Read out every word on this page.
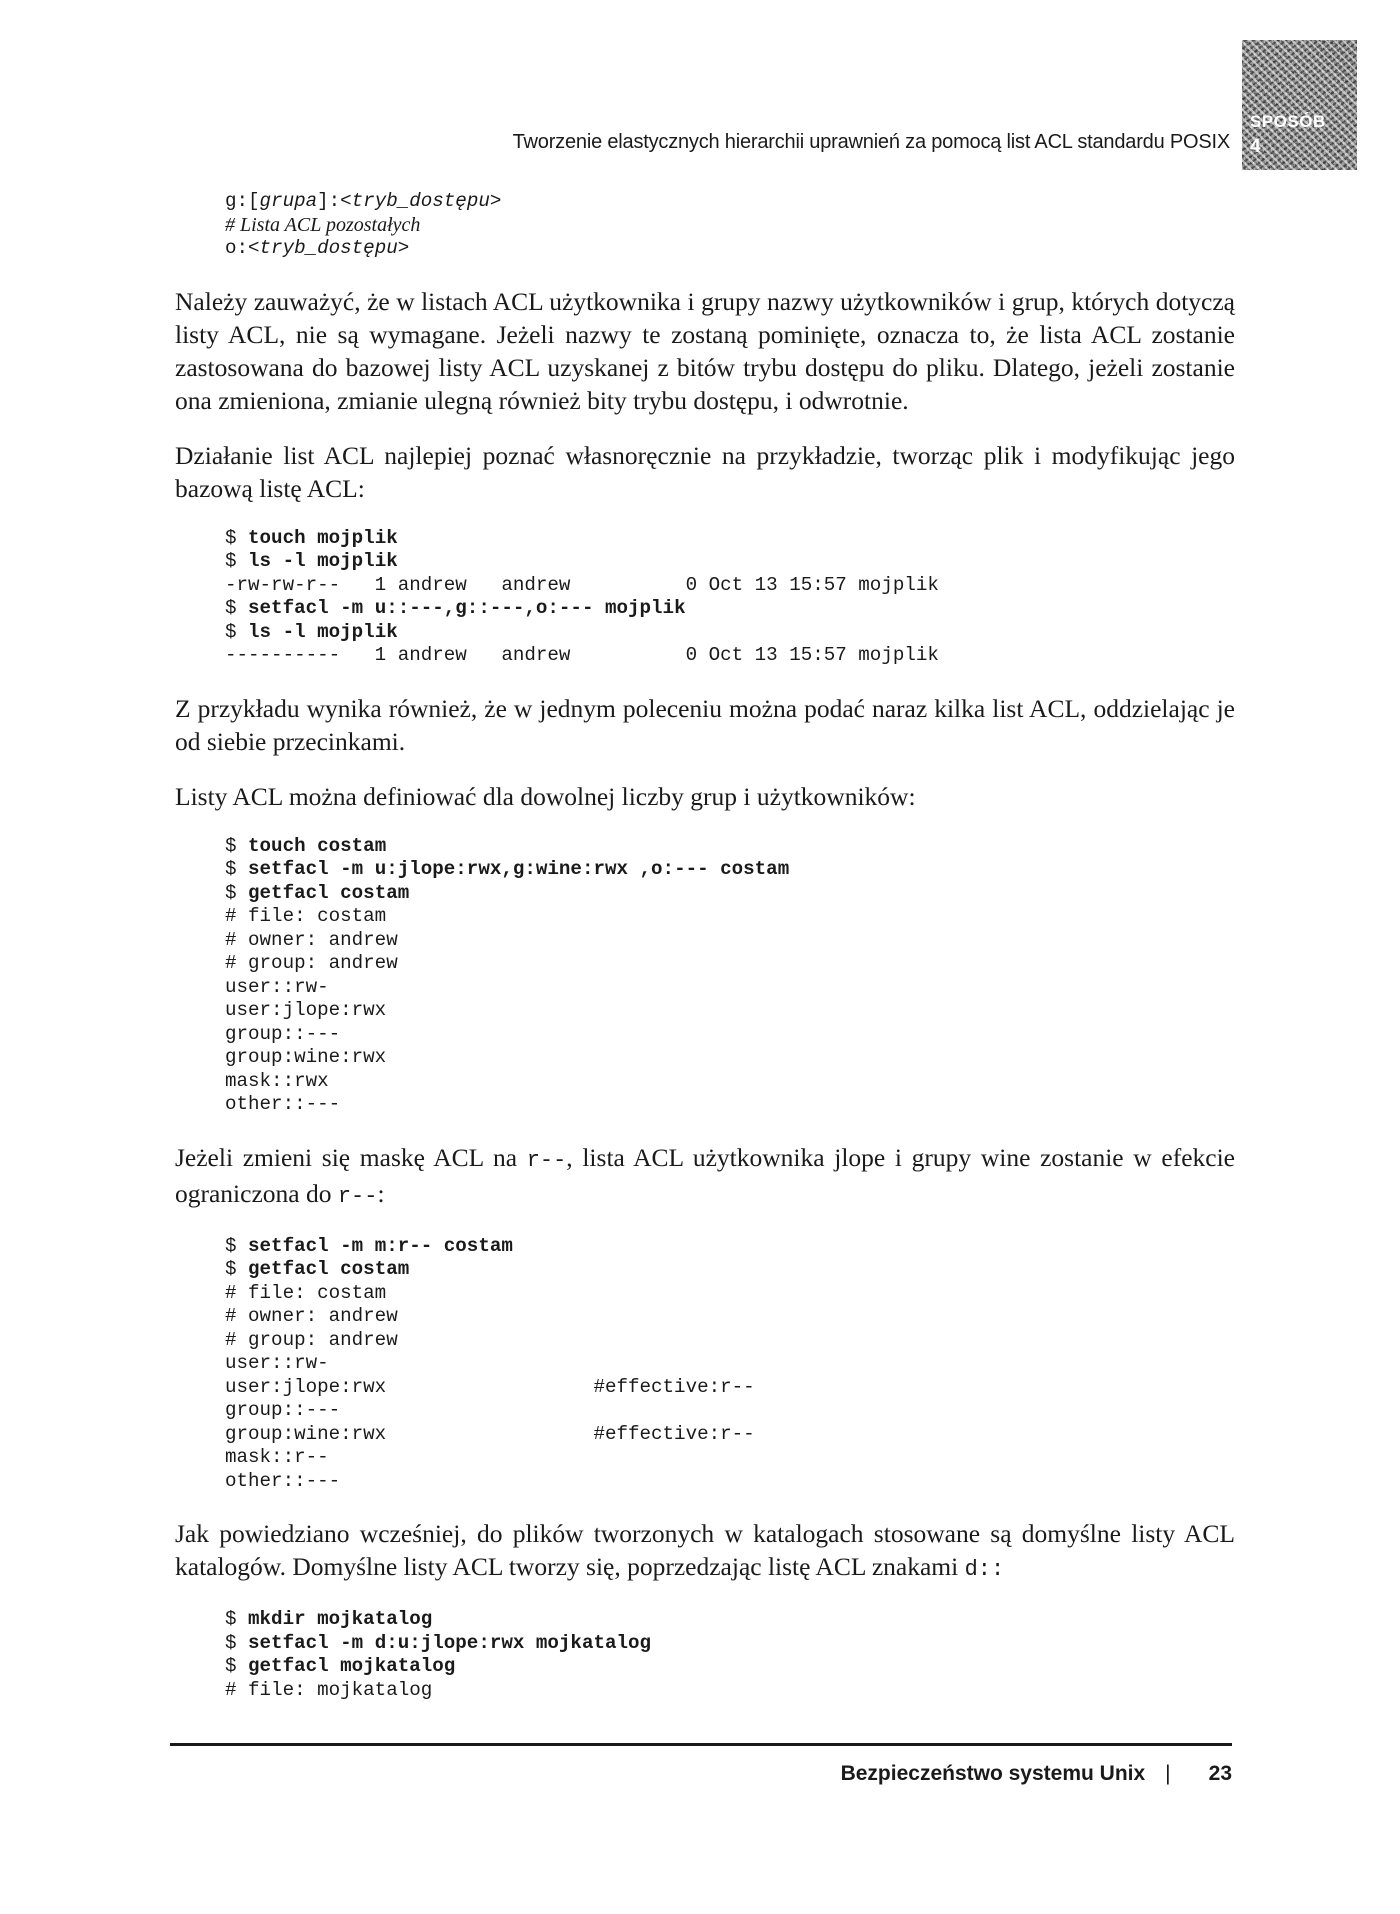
Tworzenie elastycznych hierarchii uprawnień za pomocą list ACL standardu POSIX
SPOSÓB
4
g:[grupa]:<tryb_dostępu>
# Lista ACL pozostałych
o:<tryb_dostępu>

Należy zauważyć, że w listach ACL użytkownika i grupy nazwy użytkowników i grup, których dotyczą listy ACL, nie są wymagane. Jeżeli nazwy te zostaną pominięte, oznacza to, że lista ACL zostanie zastosowana do bazowej listy ACL uzyskanej z bitów trybu dostępu do pliku. Dlatego, jeżeli zostanie ona zmieniona, zmianie ulegną również bity trybu dostępu, i odwrotnie.

Działanie list ACL najlepiej poznać własnoręcznie na przykładzie, tworząc plik i modyfikując jego bazową listę ACL:

$ touch mojplik
$ ls -l mojplik
-rw-rw-r--   1 andrew   andrew          0 Oct 13 15:57 mojplik
$ setfacl -m u::---,g::---,o:--- mojplik
$ ls -l mojplik
----------   1 andrew   andrew          0 Oct 13 15:57 mojplik

Z przykładu wynika również, że w jednym poleceniu można podać naraz kilka list ACL, oddzielając je od siebie przecinkami.

Listy ACL można definiować dla dowolnej liczby grup i użytkowników:

$ touch costam
$ setfacl -m u:jlope:rwx,g:wine:rwx ,o:--- costam
$ getfacl costam
# file: costam
# owner: andrew
# group: andrew
user::rw-
user:jlope:rwx
group::---
group:wine:rwx
mask::rwx
other::---

Jeżeli zmieni się maskę ACL na r--, lista ACL użytkownika jlope i grupy wine zostanie w efekcie ograniczona do r--:

$ setfacl -m m:r-- costam
$ getfacl costam
# file: costam
# owner: andrew
# group: andrew
user::rw-
user:jlope:rwx                  #effective:r--
group::---
group:wine:rwx                  #effective:r--
mask::r--
other::---

Jak powiedziano wcześniej, do plików tworzonych w katalogach stosowane są domyślne listy ACL katalogów. Domyślne listy ACL tworzy się, poprzedzając listę ACL znakami d::

$ mkdir mojkatalog
$ setfacl -m d:u:jlope:rwx mojkatalog
$ getfacl mojkatalog
# file: mojkatalog
Bezpieczeństwo systemu Unix | 23
